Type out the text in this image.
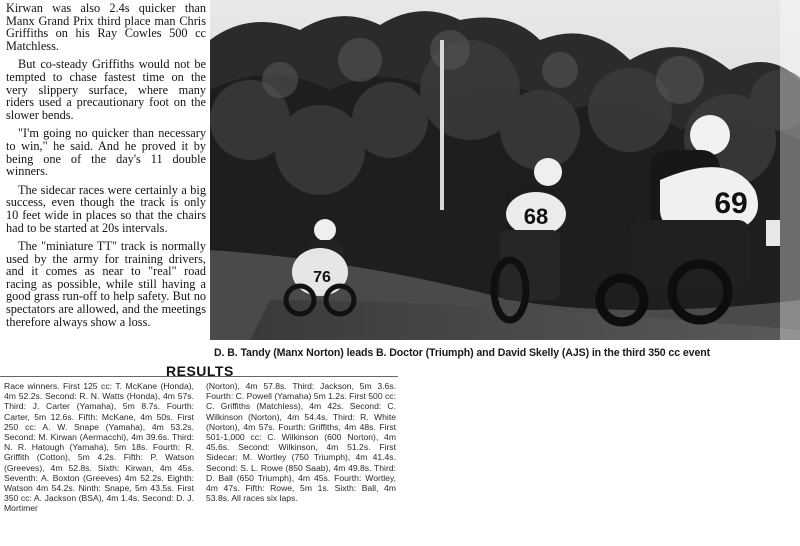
Kirwan was also 2.4s quicker than Manx Grand Prix third place man Chris Griffiths on his Ray Cowles 500 cc Matchless.

But co-steady Griffiths would not be tempted to chase fastest time on the very slippery surface, where many riders used a precautionary foot on the slower bends.

"I'm going no quicker than necessary to win," he said. And he proved it by being one of the day's 11 double winners.

The sidecar races were certainly a big success, even though the track is only 10 feet wide in places so that the chairs had to be started at 20s intervals.

The "miniature TT" track is normally used by the army for training drivers, and it comes as near to "real" road racing as possible, while still having a good grass run-off to help safety. But no spectators are allowed, and the meetings therefore always show a loss.

76
68	69
D. B. Tandy (Manx Norton) leads B. Doctor (Triumph) and David Skelly (AJS) in the third 350 cc event
RESULTS

Race winners. First 125 cc: T. McKane (Honda), 4m 52.2s. Second: R. N. Watts (Honda), 4m 57s. Third: J. Carter (Yamaha), 5m 8.7s. Fourth: Carter, 5m 12.6s. Fifth: McKane, 4m 50s. First 250 cc: A. W. Snape (Yamaha), 4m 53.2s. Second: M. Kirwan (Aermacchi), 4m 39.6s. Third: N. R. Hatough (Yamaha), 5m 18s. Fourth: R. Griffith (Cotton), 5m 4.2s. Fifth: P. Watson (Greeves), 4m 52.8s. Sixth: Kirwan, 4m 45s. Seventh: A. Boxton (Greeves) 4m 52.2s. Eighth: Watson 4m 54.2s. Ninth: Snape, 5m 43.5s. First 350 cc: A. Jackson (BSA), 4m 1.4s. Second: D. J. Mortimer

(Norton), 4m 57.8s. Third: Jackson, 5m 3.6s. Fourth: C. Powell (Yamaha) 5m 1.2s. First 500 cc: C. Griffiths (Matchless), 4m 42s. Second: C. Wilkinson (Norton), 4m 54.4s. Third: R. White (Norton), 4m 57s. Fourth: Griffiths, 4m 48s. First 501-1,000 cc: C. Wilkinson (600 Norton), 4m 45.6s. Second: Wilkinson, 4m 51.2s. First Sidecar: M. Wortley (750 Triumph), 4m 41.4s. Second: S. L. Rowe (850 Saab), 4m 49.8s. Third: D. Ball (650 Triumph), 4m 45s. Fourth: Wortley, 4m 47s. Fifth: Rowe, 5m 1s. Sixth: Ball, 4m 53.8s. All races six laps.
